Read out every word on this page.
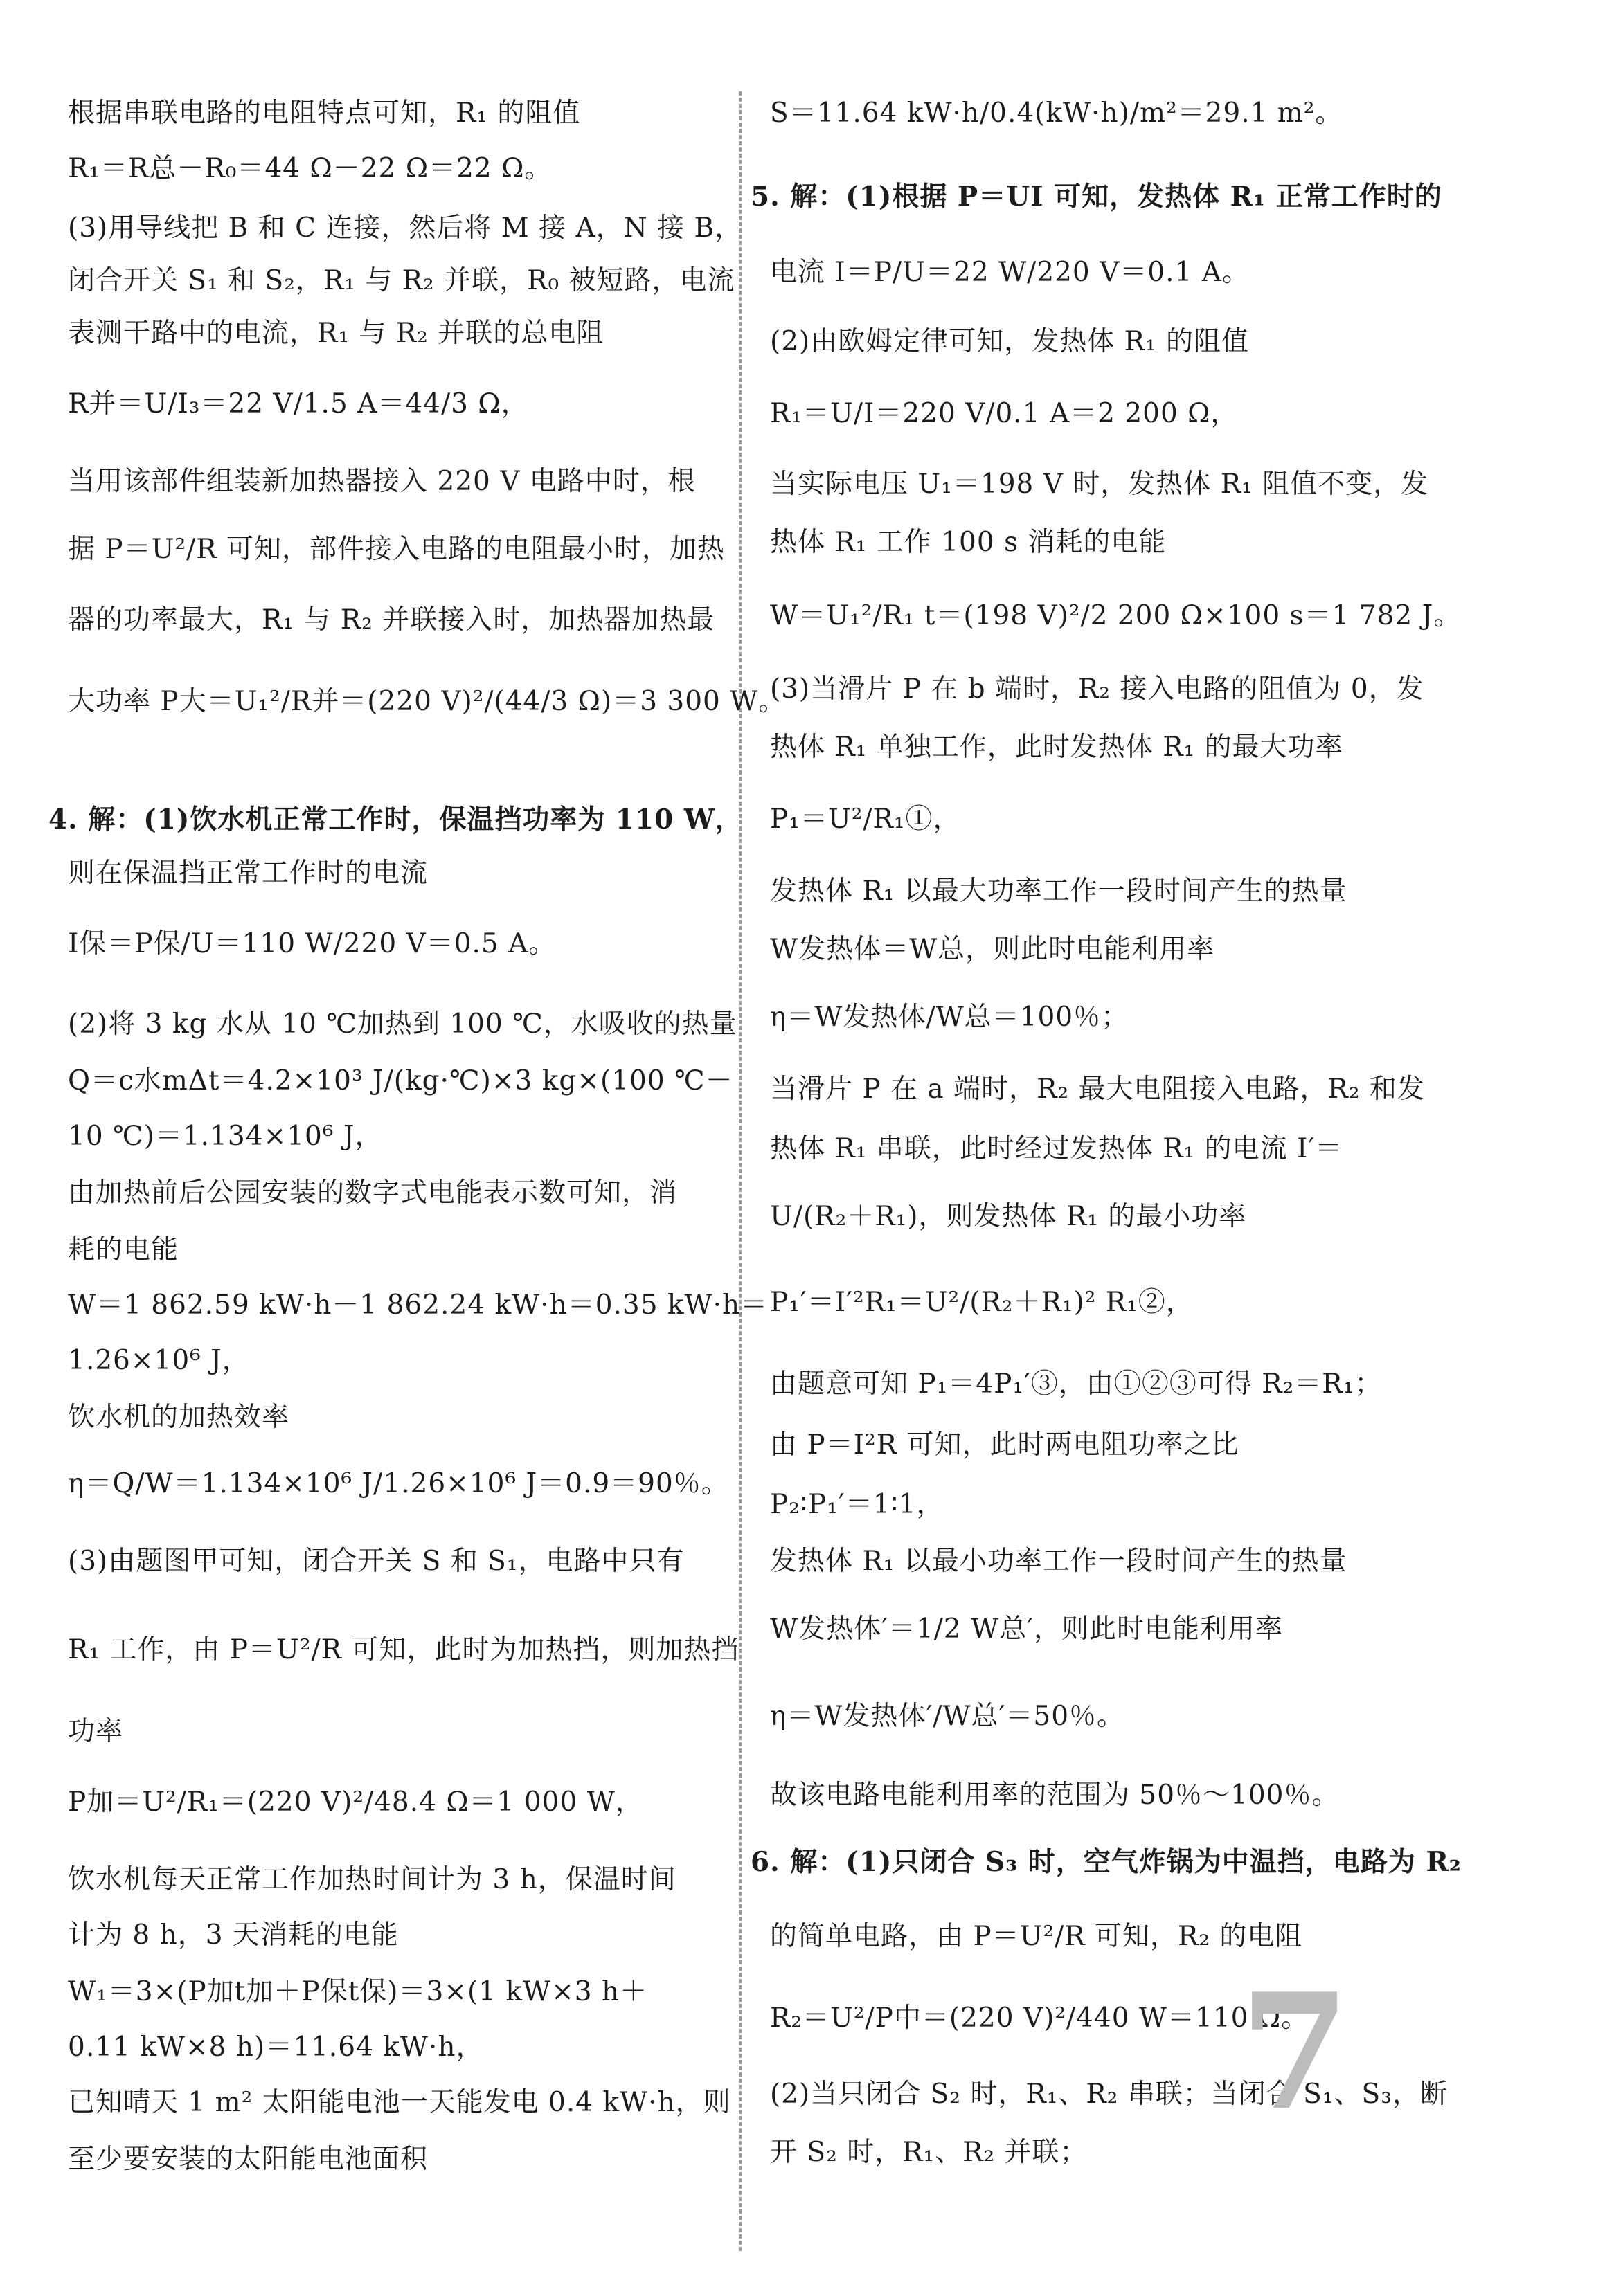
根据串联电路的电阻特点可知，R₁ 的阻值
R₁＝R总－R₀＝44 Ω－22 Ω＝22 Ω。
(3)用导线把 B 和 C 连接，然后将 M 接 A，N 接 B，
闭合开关 S₁ 和 S₂，R₁ 与 R₂ 并联，R₀ 被短路，电流
表测干路中的电流，R₁ 与 R₂ 并联的总电阻
R并＝U/I₃＝22 V/1.5 A＝44/3 Ω，
当用该部件组装新加热器接入 220 V 电路中时，根
据 P＝U²/R 可知，部件接入电路的电阻最小时，加热
器的功率最大，R₁ 与 R₂ 并联接入时，加热器加热最
大功率 P大＝U₁²/R并＝(220 V)²/(44/3 Ω)＝3 300 W。
4. 解：(1)饮水机正常工作时，保温挡功率为 110 W，
则在保温挡正常工作时的电流
I保＝P保/U＝110 W/220 V＝0.5 A。
(2)将 3 kg 水从 10 ℃加热到 100 ℃，水吸收的热量
Q＝c水mΔt＝4.2×10³ J/(kg·℃)×3 kg×(100 ℃－
10 ℃)＝1.134×10⁶ J，
由加热前后公园安装的数字式电能表示数可知，消
耗的电能
W＝1 862.59 kW·h－1 862.24 kW·h＝0.35 kW·h＝
1.26×10⁶ J，
饮水机的加热效率
η＝Q/W＝1.134×10⁶ J/1.26×10⁶ J＝0.9＝90％。
(3)由题图甲可知，闭合开关 S 和 S₁，电路中只有
R₁ 工作，由 P＝U²/R 可知，此时为加热挡，则加热挡
功率
P加＝U²/R₁＝(220 V)²/48.4 Ω＝1 000 W，
饮水机每天正常工作加热时间计为 3 h，保温时间
计为 8 h，3 天消耗的电能
W₁＝3×(P加t加＋P保t保)＝3×(1 kW×3 h＋
0.11 kW×8 h)＝11.64 kW·h，
已知晴天 1 m² 太阳能电池一天能发电 0.4 kW·h，则
至少要安装的太阳能电池面积
S＝11.64 kW·h/0.4(kW·h)/m²＝29.1 m²。
5. 解：(1)根据 P＝UI 可知，发热体 R₁ 正常工作时的
电流 I＝P/U＝22 W/220 V＝0.1 A。
(2)由欧姆定律可知，发热体 R₁ 的阻值
R₁＝U/I＝220 V/0.1 A＝2 200 Ω，
当实际电压 U₁＝198 V 时，发热体 R₁ 阻值不变，发
热体 R₁ 工作 100 s 消耗的电能
W＝U₁²/R₁ t＝(198 V)²/2 200 Ω×100 s＝1 782 J。
(3)当滑片 P 在 b 端时，R₂ 接入电路的阻值为 0，发
热体 R₁ 单独工作，此时发热体 R₁ 的最大功率
P₁＝U²/R₁①，
发热体 R₁ 以最大功率工作一段时间产生的热量
W发热体＝W总，则此时电能利用率
η＝W发热体/W总＝100％；
当滑片 P 在 a 端时，R₂ 最大电阻接入电路，R₂ 和发
热体 R₁ 串联，此时经过发热体 R₁ 的电流 I′＝
U/(R₂＋R₁)，则发热体 R₁ 的最小功率
P₁′＝I′²R₁＝U²/(R₂＋R₁)² R₁②，
由题意可知 P₁＝4P₁′③，由①②③可得 R₂＝R₁；
由 P＝I²R 可知，此时两电阻功率之比
P₂∶P₁′＝1∶1，
发热体 R₁ 以最小功率工作一段时间产生的热量
W发热体′＝1/2 W总′，则此时电能利用率
η＝W发热体′/W总′＝50％。
故该电路电能利用率的范围为 50％～100％。
6. 解：(1)只闭合 S₃ 时，空气炸锅为中温挡，电路为 R₂
的简单电路，由 P＝U²/R 可知，R₂ 的电阻
R₂＝U²/P中＝(220 V)²/440 W＝110 Ω。
(2)当只闭合 S₂ 时，R₁、R₂ 串联；当闭合 S₁、S₃，断
开 S₂ 时，R₁、R₂ 并联；
7
